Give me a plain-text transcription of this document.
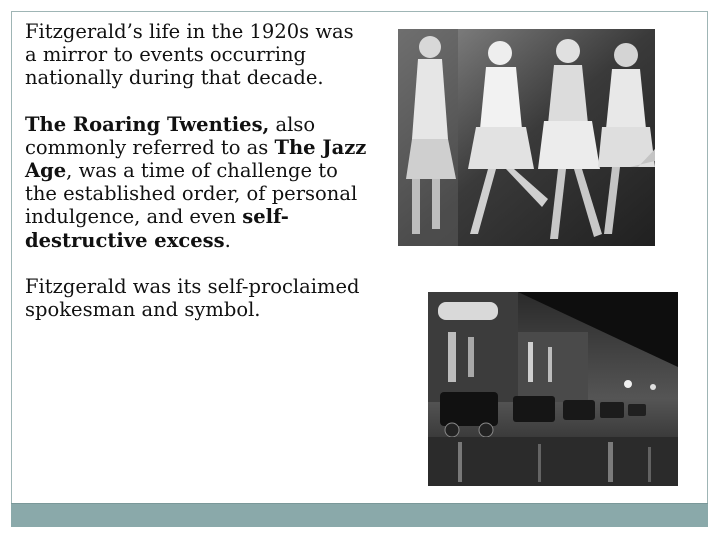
Fitzgerald’s life in the 1920s was a mirror to events occurring nationally during that decade.

The Roaring Twenties, also commonly referred to as The Jazz Age, was a time of challenge to the established order, of personal indulgence, and even self-destructive excess.

Fitzgerald was its self-proclaimed spokesman and symbol.
